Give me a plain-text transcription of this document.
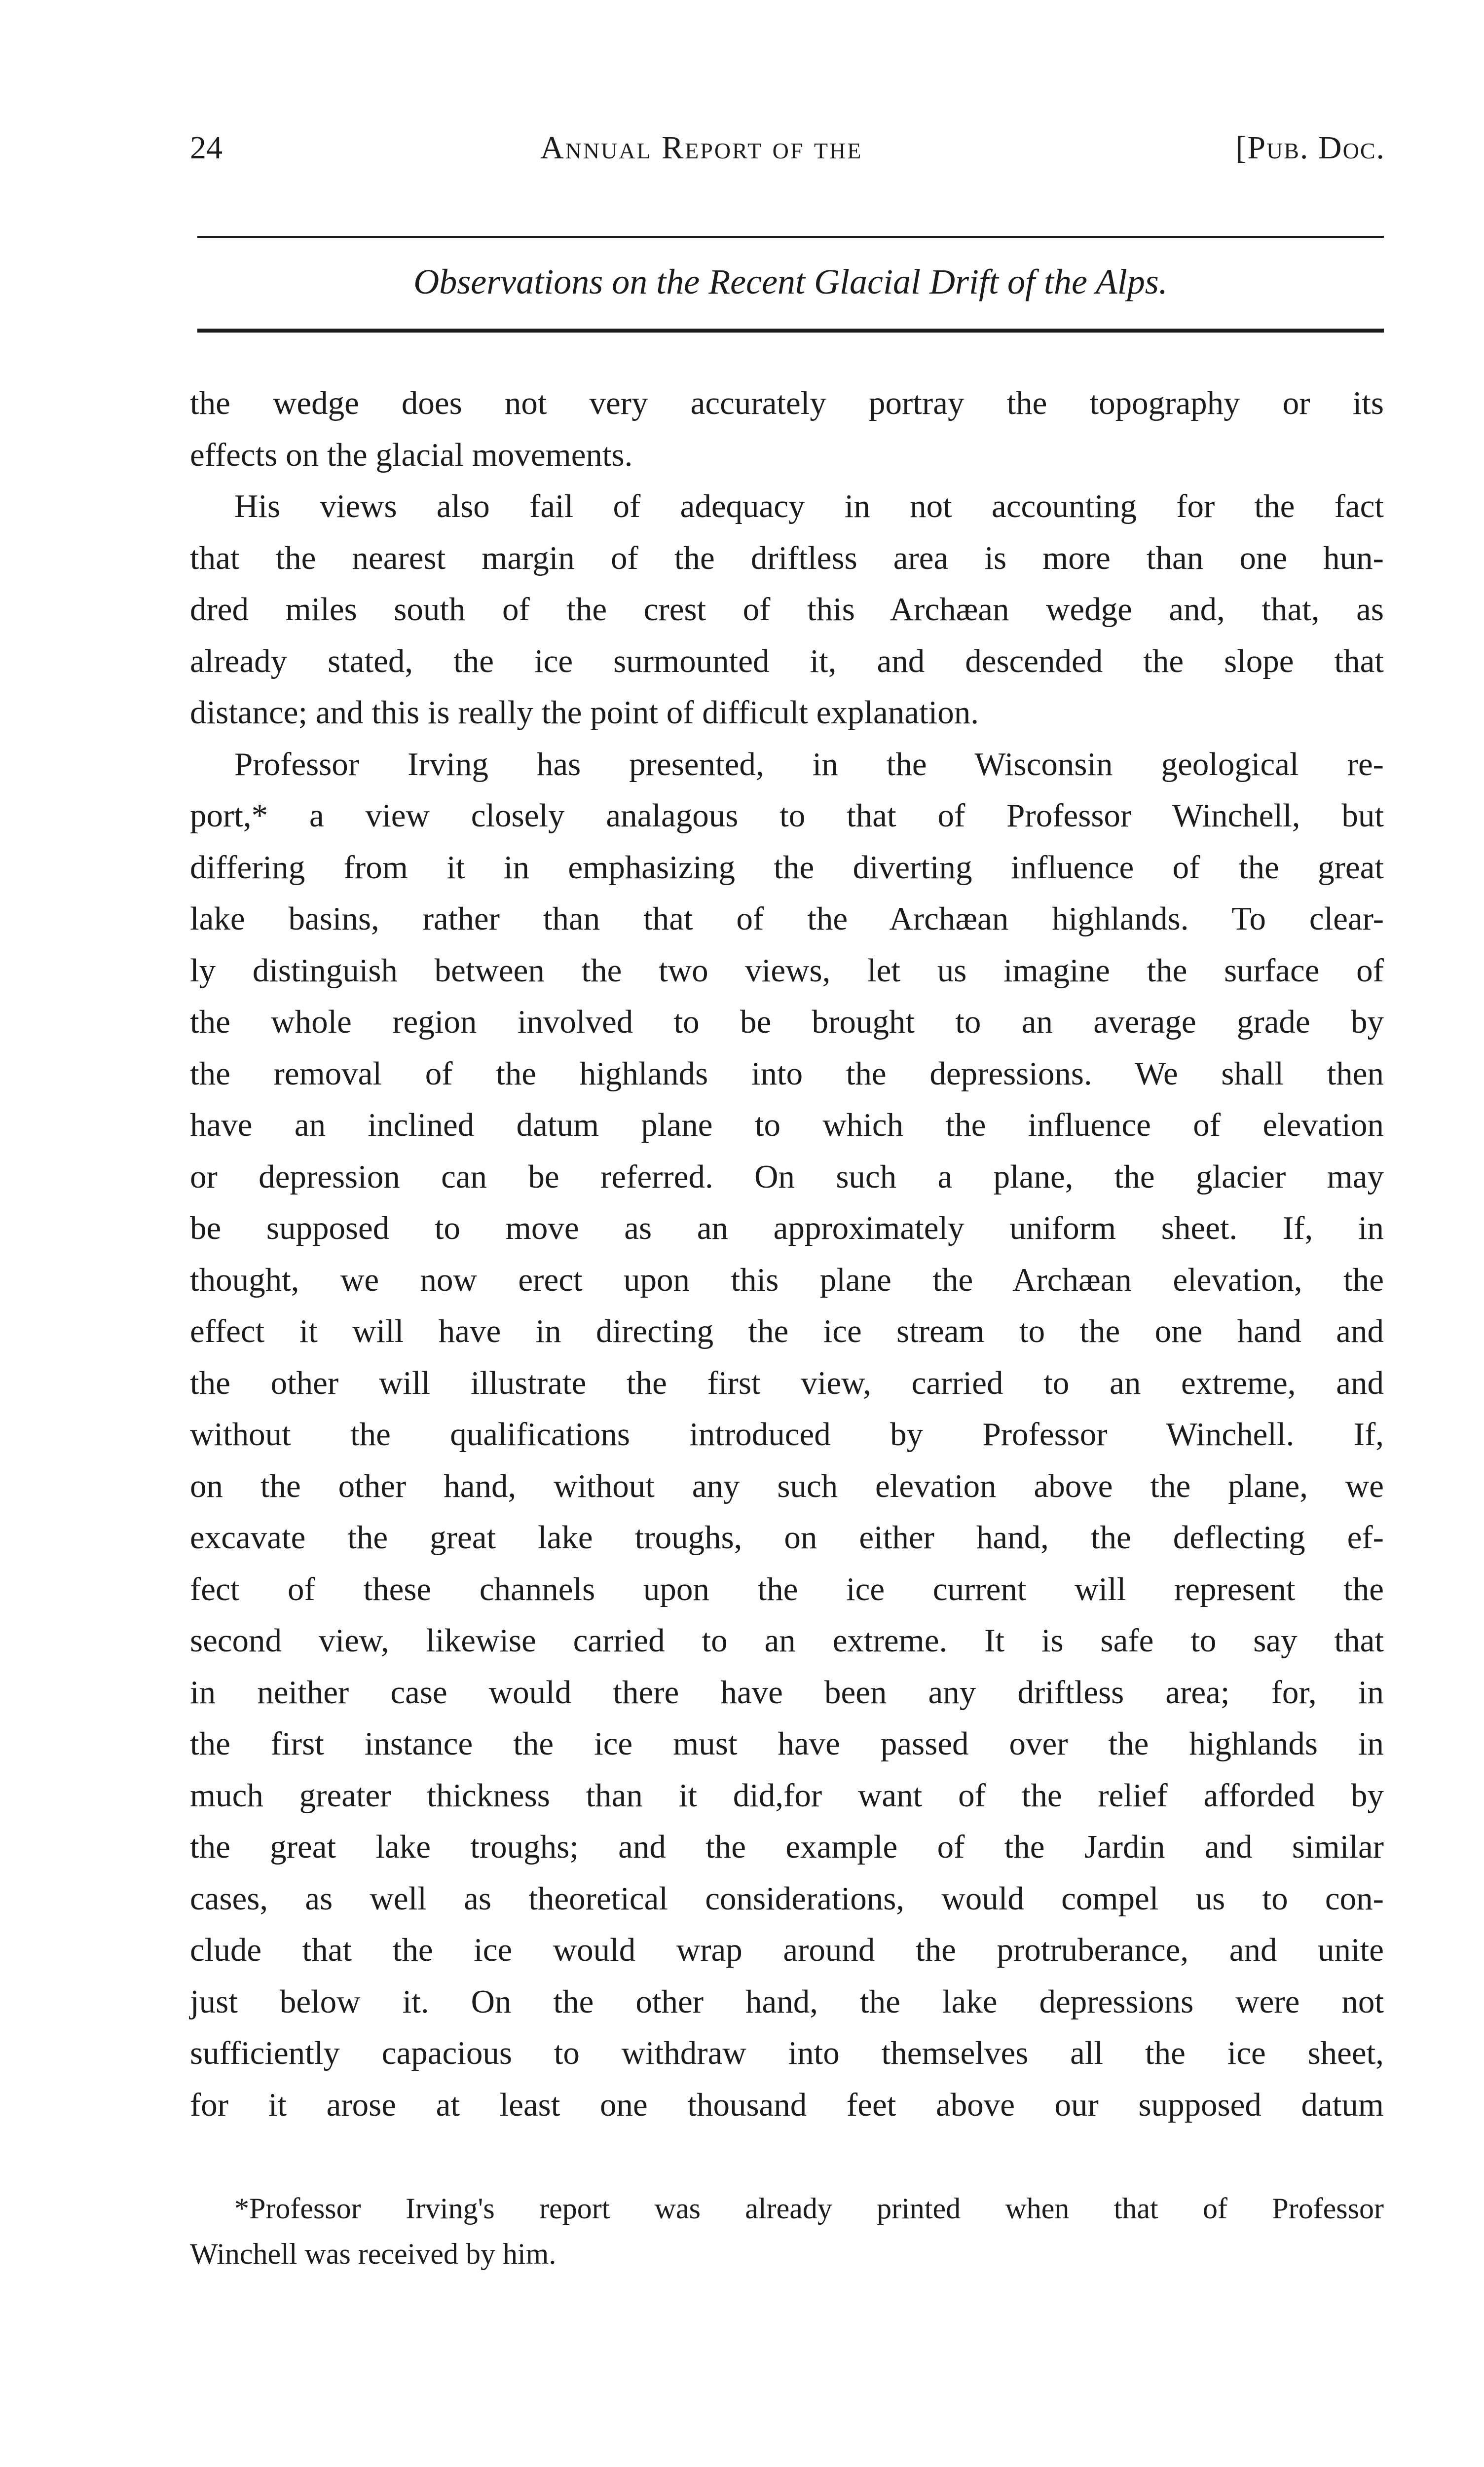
24	Annual Report of the	[Pub. Doc.
Observations on the Recent Glacial Drift of the Alps.
the wedge does not very accurately portray the topography or its
effects on the glacial movements.
His views also fail of adequacy in not accounting for the fact
that the nearest margin of the driftless area is more than one hun-
dred miles south of the crest of this Archæan wedge and, that, as
already stated, the ice surmounted it, and descended the slope that
distance; and this is really the point of difficult explanation.
Professor Irving has presented, in the Wisconsin geological re-
port,* a view closely analagous to that of Professor Winchell, but
differing from it in emphasizing the diverting influence of the great
lake basins, rather than that of the Archæan highlands. To clear-
ly distinguish between the two views, let us imagine the surface of
the whole region involved to be brought to an average grade by
the removal of the highlands into the depressions. We shall then
have an inclined datum plane to which the influence of elevation
or depression can be referred. On such a plane, the glacier may
be supposed to move as an approximately uniform sheet. If, in
thought, we now erect upon this plane the Archæan elevation, the
effect it will have in directing the ice stream to the one hand and
the other will illustrate the first view, carried to an extreme, and
without the qualifications introduced by Professor Winchell. If,
on the other hand, without any such elevation above the plane, we
excavate the great lake troughs, on either hand, the deflecting ef-
fect of these channels upon the ice current will represent the
second view, likewise carried to an extreme. It is safe to say that
in neither case would there have been any driftless area; for, in
the first instance the ice must have passed over the highlands in
much greater thickness than it did,for want of the relief afforded by
the great lake troughs; and the example of the Jardin and similar
cases, as well as theoretical considerations, would compel us to con-
clude that the ice would wrap around the protruberance, and unite
just below it. On the other hand, the lake depressions were not
sufficiently capacious to withdraw into themselves all the ice sheet,
for it arose at least one thousand feet above our supposed datum
*Professor Irving's report was already printed when that of Professor
Winchell was received by him.
